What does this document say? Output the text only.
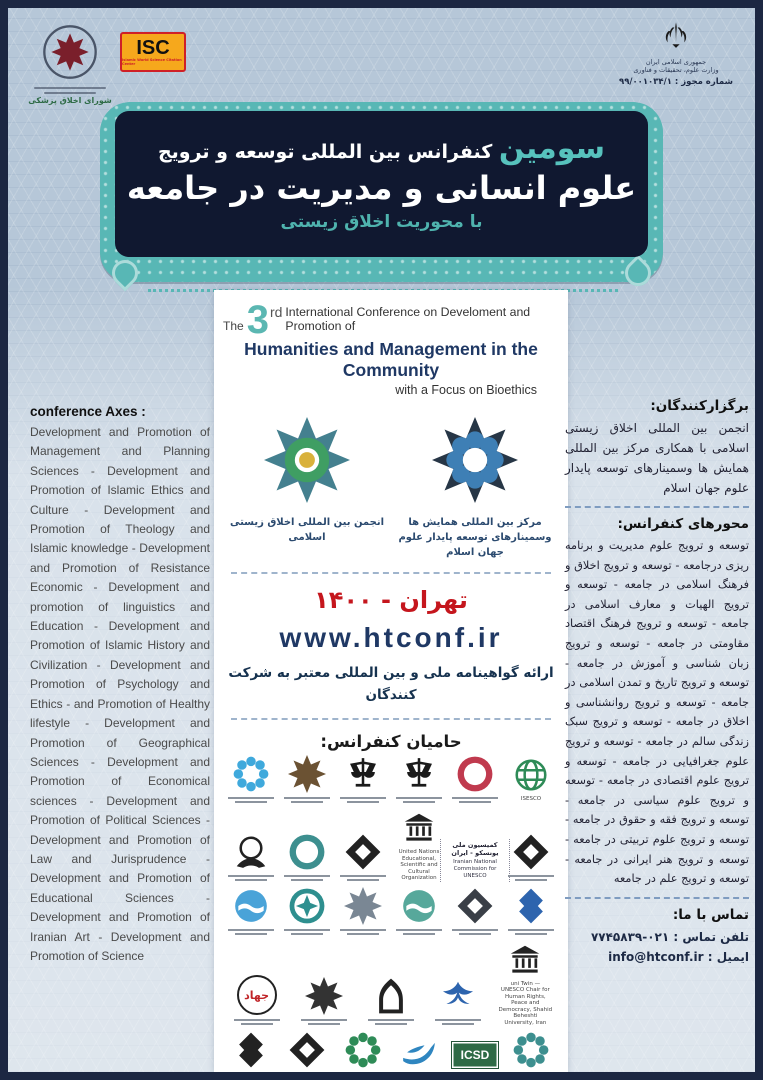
شورای اخلاق پزشکی
ISC
Islamic World Science Citation Center	جمهوری اسلامی ایران
وزارت علوم، تحقیقات و فناوری
شماره مجوز : ۹۹/۰۰۱۰۳۴/۱
سومین کنفرانس بین المللی توسعه و ترویج
علوم انسانی و مدیریت در جامعه
با محوریت اخلاق زیستی
The 3 rd International Conference on Develoment and Promotion of
Humanities and Management in the Community
with a Focus on Bioethics
انجمن بین المللی اخلاق زیستی اسلامی
مرکز بین المللی همایش ها وسمینارهای توسعه پایدار علوم جهان اسلام
تهران - ۱۴۰۰
www.htconf.ir
ارائه گواهینامه ملی و بین المللی معتبر به شرکت کنندگان
حامیان کنفرانس:
ISESCO
United Nations Educational, Scientific and Cultural Organization
کمیسیون ملی یونسکو - ایران
Iranian National Commission for UNESCO
جهاد
uni Twin — UNESCO Chair for Human Rights, Peace and Democracy, Shahid Beheshti University, Iran
ICSD
conference Axes :
Development and Promotion of Management and Planning Sciences - Development and Promotion of Islamic Ethics and Culture - Development and Promotion of Theology and Islamic knowledge - Development and Promotion of Resistance Economic - Development and promotion of linguistics and Education - Development and Promotion of Islamic History and Civilization - Development and Promotion of Psychology and Ethics - and Promotion of Healthy lifestyle - Development and Promotion of Geographical Sciences - Development and Promotion of Economical sciences - Development and Promotion of Political Sciences - Development and Promotion of Law and Jurisprudence - Development and Promotion of Educational Sciences - Development and Promotion of Iranian Art - Development and Promotion of Science
برگزارکنندگان:
انجمن بین المللی اخلاق زیستی اسلامی با همکاری مرکز بین المللی همایش ها وسمینارهای توسعه پایدار علوم جهان اسلام
محورهای کنفرانس:
توسعه و ترویج علوم مدیریت و برنامه ریزی درجامعه - توسعه و ترویج اخلاق و فرهنگ اسلامی در جامعه - توسعه و ترویج الهیات و معارف اسلامی در جامعه - توسعه و ترویج فرهنگ اقتصاد مقاومتی در جامعه - توسعه و ترویج زبان شناسی و آموزش در جامعه - توسعه و ترویج تاریخ و تمدن اسلامی در جامعه - توسعه و ترویج روانشناسی و اخلاق در جامعه - توسعه و ترویج سبک زندگی سالم در جامعه - توسعه و ترویج علوم جغرافیایی در جامعه - توسعه و ترویج علوم اقتصادی در جامعه - توسعه و ترویج علوم سیاسی در جامعه - توسعه و ترویج فقه و حقوق در جامعه - توسعه و ترویج علوم تربیتی در جامعه - توسعه و ترویج هنر ایرانی در جامعه - توسعه و ترویج علم در جامعه
تماس با ما:
تلفن تماس : ۰۲۱-۷۷۴۵۸۳۹
ایمیل : info@htconf.ir
